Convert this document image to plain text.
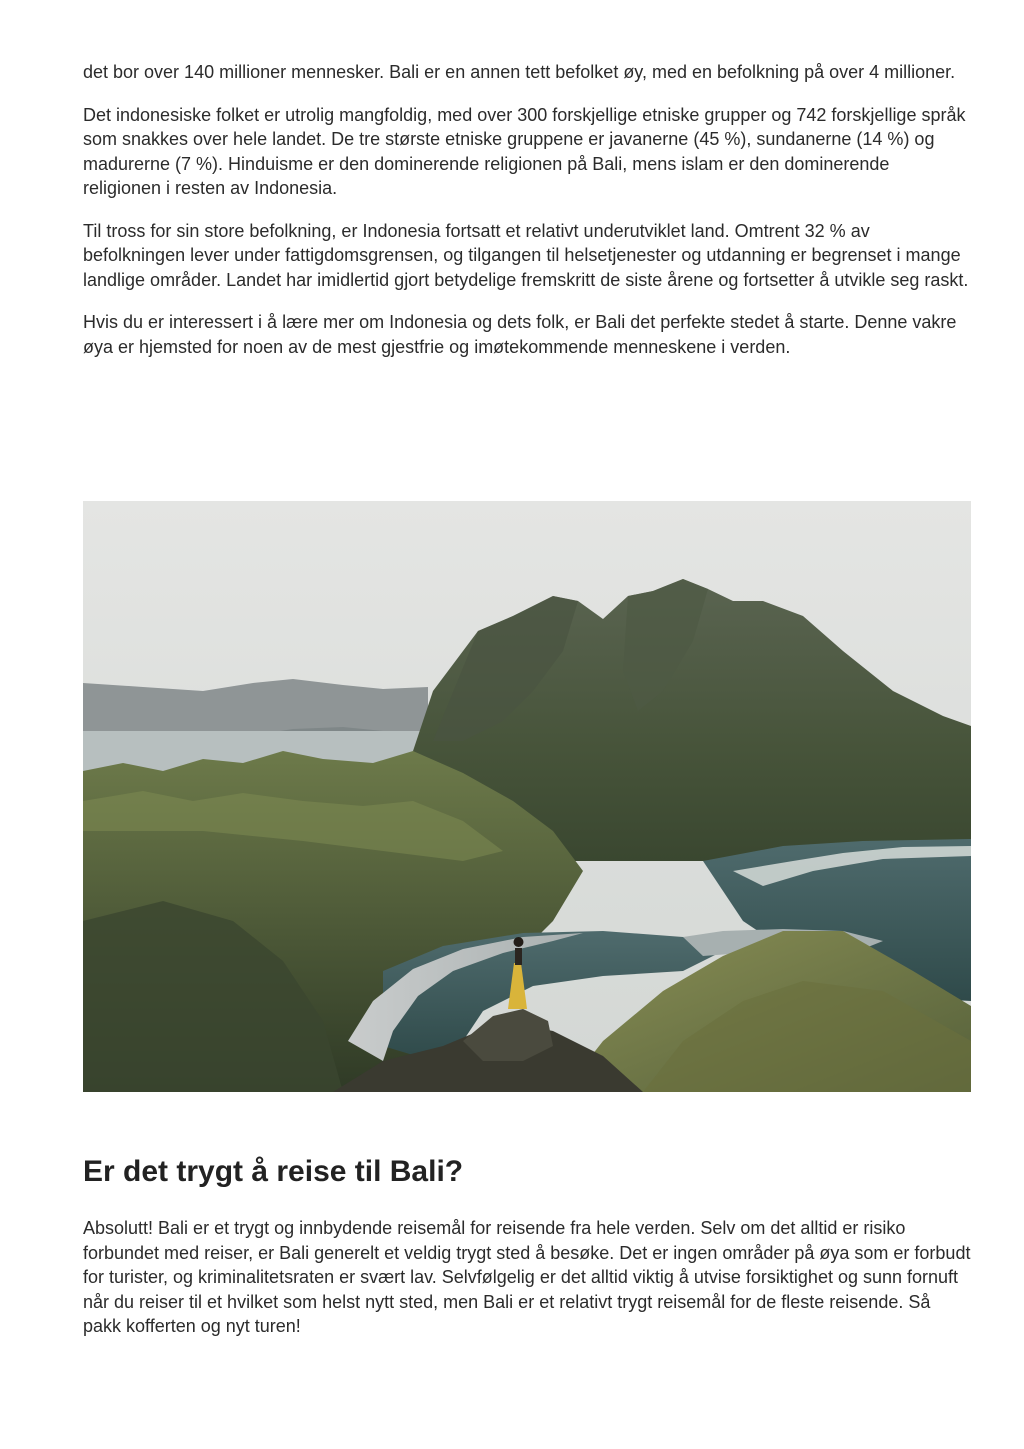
det bor over 140 millioner mennesker. Bali er en annen tett befolket øy, med en befolkning på over 4 millioner.

Det indonesiske folket er utrolig mangfoldig, med over 300 forskjellige etniske grupper og 742 forskjellige språk som snakkes over hele landet. De tre største etniske gruppene er javanerne (45 %), sundanerne (14 %) og madurerne (7 %). Hinduisme er den dominerende religionen på Bali, mens islam er den dominerende religionen i resten av Indonesia.

Til tross for sin store befolkning, er Indonesia fortsatt et relativt underutviklet land. Omtrent 32 % av befolkningen lever under fattigdomsgrensen, og tilgangen til helsetjenester og utdanning er begrenset i mange landlige områder. Landet har imidlertid gjort betydelige fremskritt de siste årene og fortsetter å utvikle seg raskt.

Hvis du er interessert i å lære mer om Indonesia og dets folk, er Bali det perfekte stedet å starte. Denne vakre øya er hjemsted for noen av de mest gjestfrie og imøtekommende menneskene i verden.

Er det trygt å reise til Bali?

Absolutt! Bali er et trygt og innbydende reisemål for reisende fra hele verden. Selv om det alltid er risiko forbundet med reiser, er Bali generelt et veldig trygt sted å besøke. Det er ingen områder på øya som er forbudt for turister, og kriminalitetsraten er svært lav. Selvfølgelig er det alltid viktig å utvise forsiktighet og sunn fornuft når du reiser til et hvilket som helst nytt sted, men Bali er et relativt trygt reisemål for de fleste reisende. Så pakk kofferten og nyt turen!
